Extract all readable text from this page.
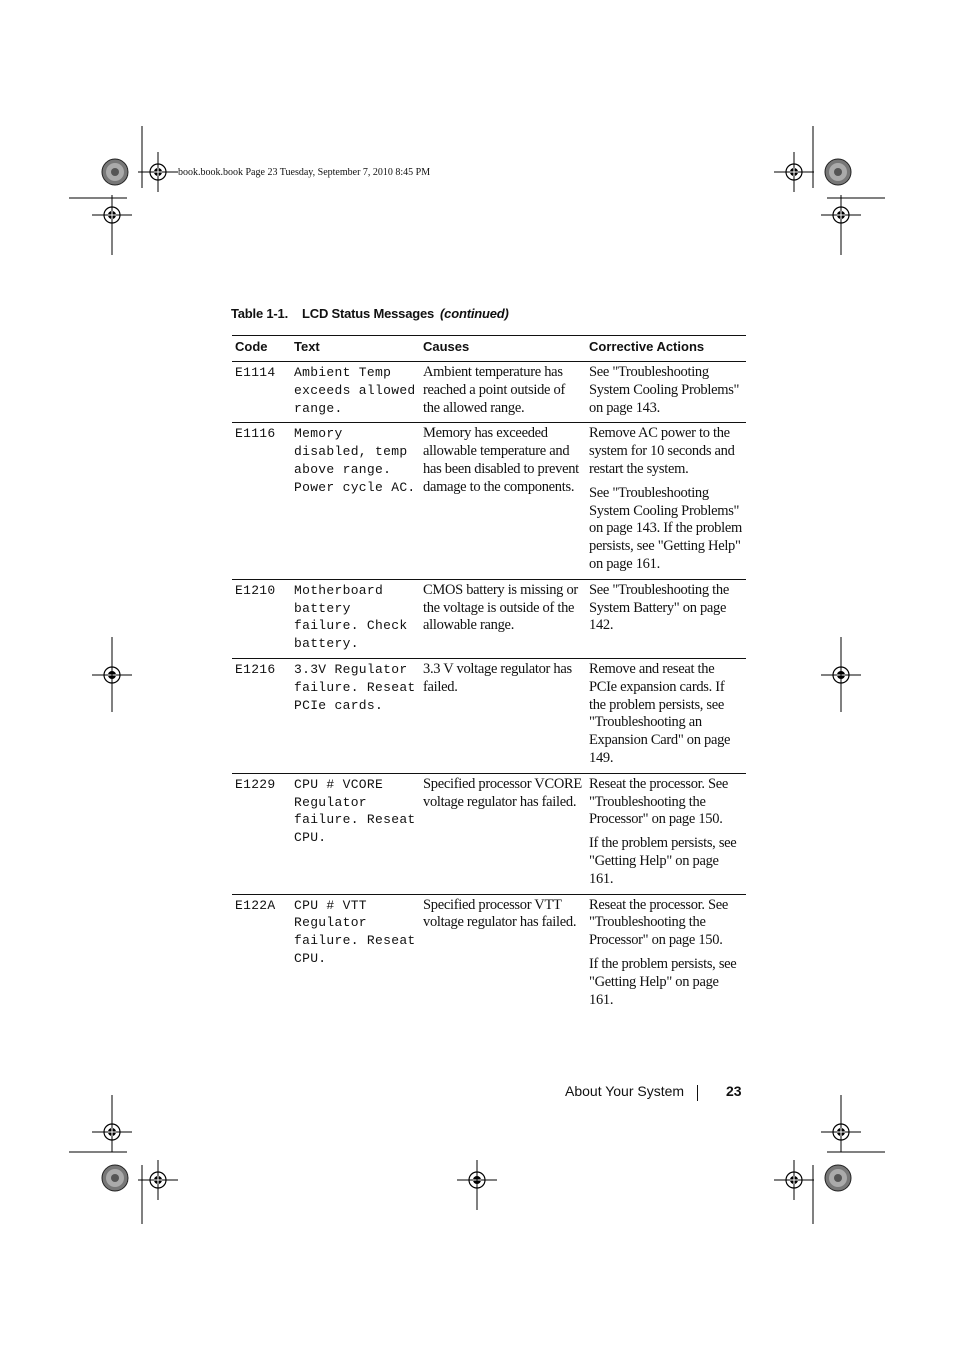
book.book.book Page 23 Tuesday, September 7, 2010 8:45 PM
Table 1-1. LCD Status Messages (continued)
Code	Text	Causes	Corrective Actions
E1114	Ambient Temp exceeds allowed range.	Ambient temperature has reached a point outside of the allowed range.	See "Troubleshooting System Cooling Problems" on page 143.

E1116	Memory disabled, temp above range. Power cycle AC.	Memory has exceeded allowable temperature and has been disabled to prevent damage to the components.	Remove AC power to the system for 10 seconds and restart the system.

See "Troubleshooting System Cooling Problems" on page 143. If the problem persists, see "Getting Help" on page 161.

E1210	Motherboard battery failure. Check battery.	CMOS battery is missing or the voltage is outside of the allowable range.	See "Troubleshooting the System Battery" on page 142.

E1216	3.3V Regulator failure. Reseat PCIe cards.	3.3 V voltage regulator has failed.	Remove and reseat the PCIe expansion cards. If the problem persists, see "Troubleshooting an Expansion Card" on page 149.

E1229	CPU # VCORE Regulator failure. Reseat CPU.	Specified processor VCORE voltage regulator has failed.	Reseat the processor. See "Troubleshooting the Processor" on page 150.

If the problem persists, see "Getting Help" on page 161.

E122A	CPU # VTT Regulator failure. Reseat CPU.	Specified processor VTT voltage regulator has failed.	Reseat the processor. See "Troubleshooting the Processor" on page 150.

If the problem persists, see "Getting Help" on page 161.

About Your System	23
